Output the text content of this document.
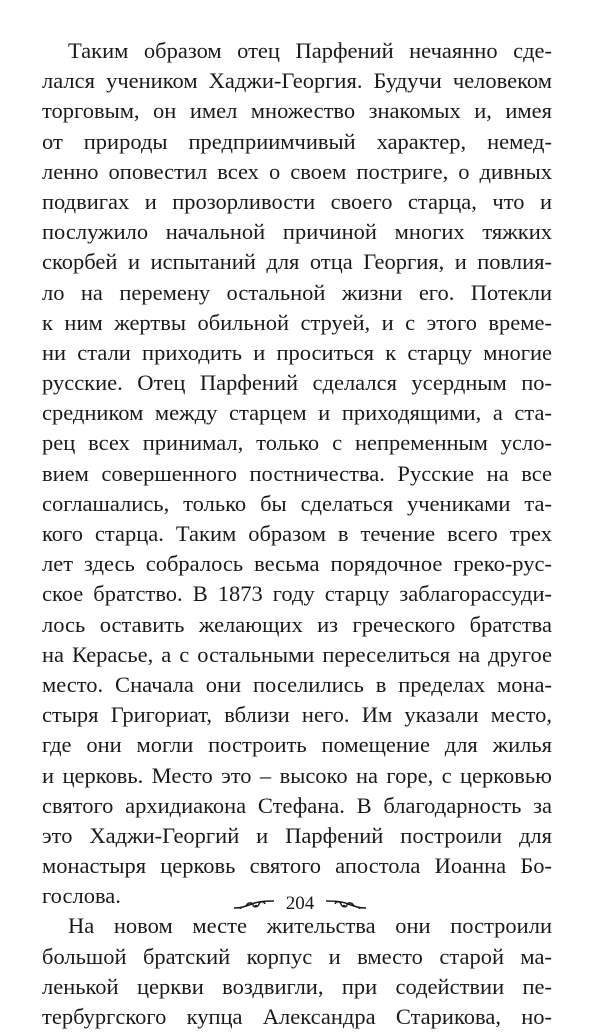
Таким образом отец Парфений нечаянно сде-
лался учеником Хаджи-Георгия. Будучи человеком
торговым, он имел множество знакомых и, имея
от природы предприимчивый характер, немед-
ленно оповестил всех о своем постриге, о дивных
подвигах и прозорливости своего старца, что и
послужило начальной причиной многих тяжких
скорбей и испытаний для отца Георгия, и повлия-
ло на перемену остальной жизни его. Потекли
к ним жертвы обильной струей, и с этого време-
ни стали приходить и проситься к старцу многие
русские. Отец Парфений сделался усердным по-
средником между старцем и приходящими, а ста-
рец всех принимал, только с непременным усло-
вием совершенного постничества. Русские на все
соглашались, только бы сделаться учениками та-
кого старца. Таким образом в течение всего трех
лет здесь собралось весьма порядочное греко-рус-
ское братство. В 1873 году старцу заблагорассуди-
лось оставить желающих из греческого братства
на Керасье, а с остальными переселиться на другое
место. Сначала они поселились в пределах мона-
стыря Григориат, вблизи него. Им указали место,
где они могли построить помещение для жилья
и церковь. Место это – высоко на горе, с церковью
святого архидиакона Стефана. В благодарность за
это Хаджи-Георгий и Парфений построили для
монастыря церковь святого апостола Иоанна Бо-
гослова.
На новом месте жительства они построили
большой братский корпус и вместо старой ма-
ленькой церкви воздвигли, при содействии пе-
тербургского купца Александра Старикова, но-
204
